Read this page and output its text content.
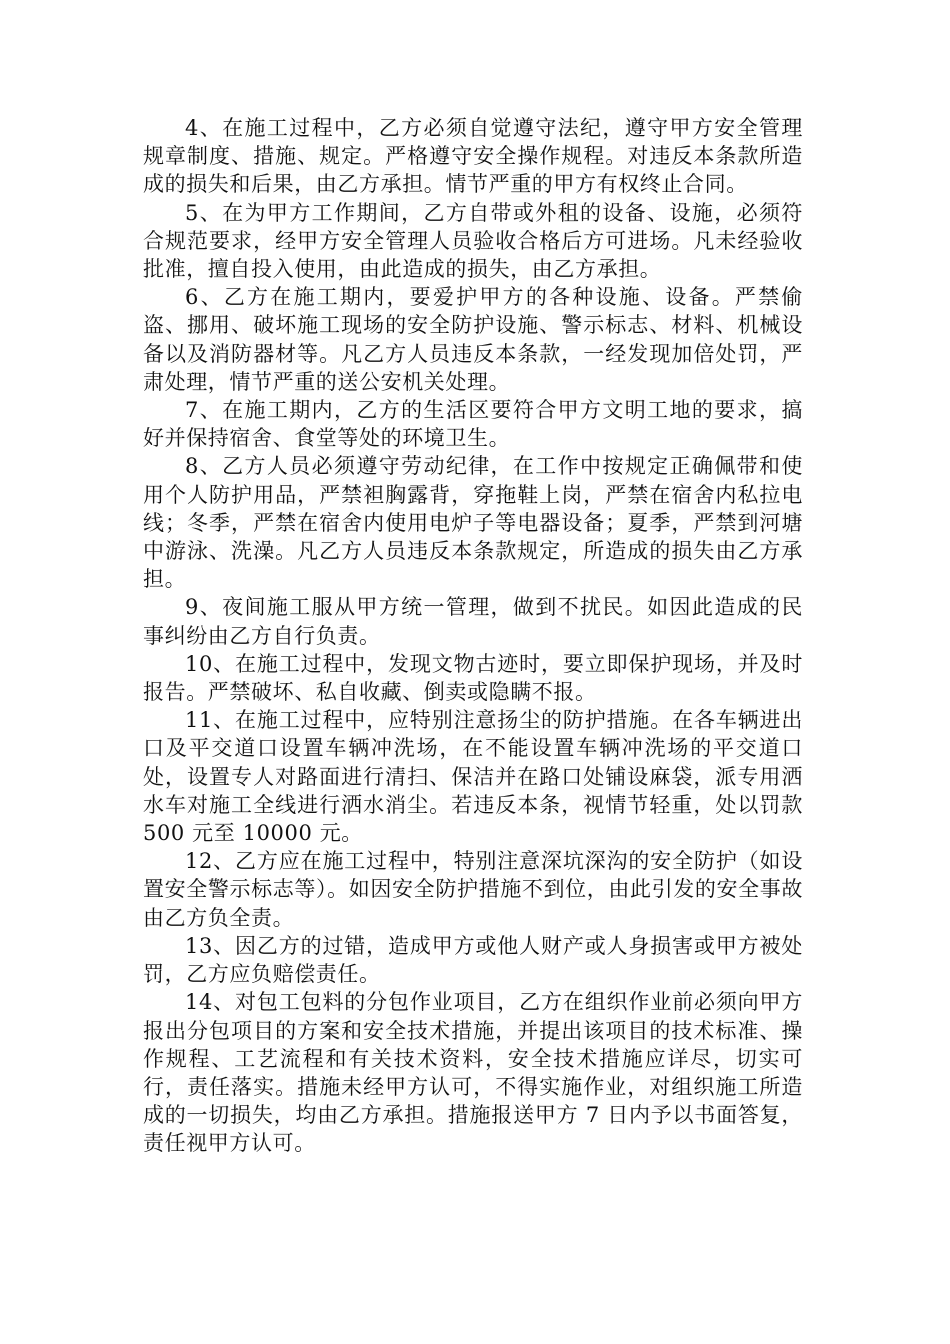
4、在施工过程中，乙方必须自觉遵守法纪，遵守甲方安全管理规章制度、措施、规定。严格遵守安全操作规程。对违反本条款所造成的损失和后果，由乙方承担。情节严重的甲方有权终止合同。

5、在为甲方工作期间，乙方自带或外租的设备、设施，必须符合规范要求，经甲方安全管理人员验收合格后方可进场。凡未经验收批准，擅自投入使用，由此造成的损失，由乙方承担。

6、乙方在施工期内，要爱护甲方的各种设施、设备。严禁偷盗、挪用、破坏施工现场的安全防护设施、警示标志、材料、机械设备以及消防器材等。凡乙方人员违反本条款，一经发现加倍处罚，严肃处理，情节严重的送公安机关处理。

7、在施工期内，乙方的生活区要符合甲方文明工地的要求，搞好并保持宿舍、食堂等处的环境卫生。

8、乙方人员必须遵守劳动纪律，在工作中按规定正确佩带和使用个人防护用品，严禁袒胸露背，穿拖鞋上岗，严禁在宿舍内私拉电线；冬季，严禁在宿舍内使用电炉子等电器设备；夏季，严禁到河塘中游泳、洗澡。凡乙方人员违反本条款规定，所造成的损失由乙方承担。

9、夜间施工服从甲方统一管理，做到不扰民。如因此造成的民事纠纷由乙方自行负责。

10、在施工过程中，发现文物古迹时，要立即保护现场，并及时报告。严禁破坏、私自收藏、倒卖或隐瞒不报。

11、在施工过程中，应特别注意扬尘的防护措施。在各车辆进出口及平交道口设置车辆冲洗场，在不能设置车辆冲洗场的平交道口处，设置专人对路面进行清扫、保洁并在路口处铺设麻袋，派专用洒水车对施工全线进行洒水消尘。若违反本条，视情节轻重，处以罚款 500 元至 10000 元。

12、乙方应在施工过程中，特别注意深坑深沟的安全防护（如设置安全警示标志等）。如因安全防护措施不到位，由此引发的安全事故由乙方负全责。

13、因乙方的过错，造成甲方或他人财产或人身损害或甲方被处罚，乙方应负赔偿责任。

14、对包工包料的分包作业项目，乙方在组织作业前必须向甲方报出分包项目的方案和安全技术措施，并提出该项目的技术标准、操作规程、工艺流程和有关技术资料，安全技术措施应详尽，切实可行，责任落实。措施未经甲方认可，不得实施作业，对组织施工所造成的一切损失，均由乙方承担。措施报送甲方 7 日内予以书面答复，责任视甲方认可。
